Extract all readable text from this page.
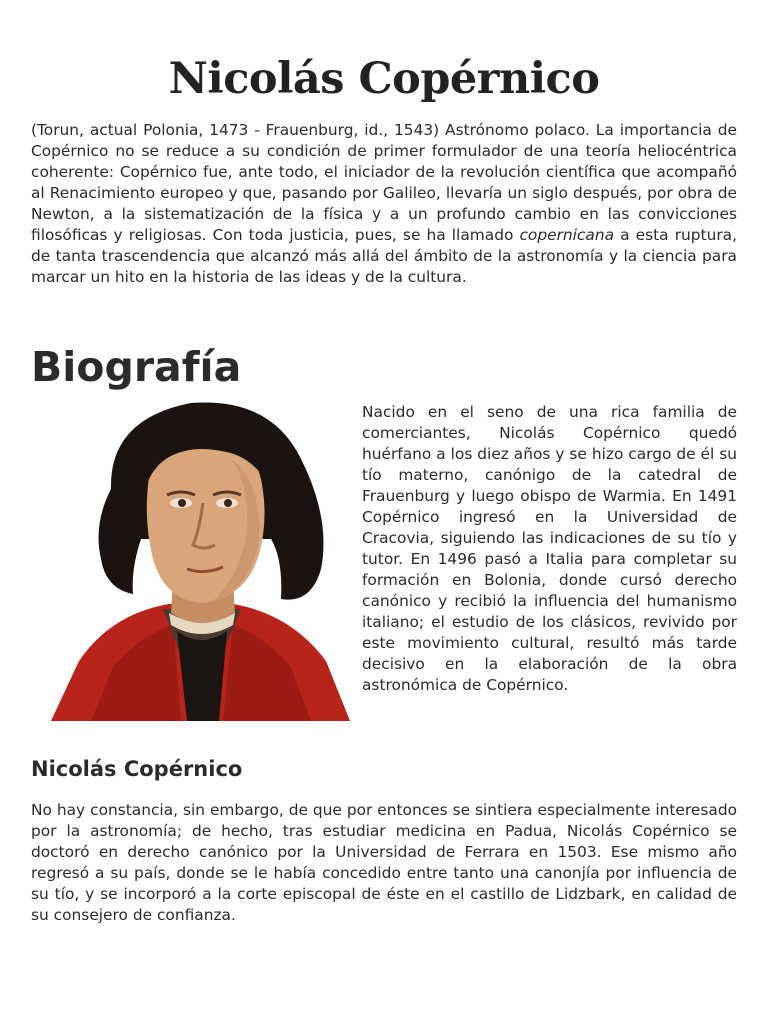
Nicolás Copérnico

(Torun, actual Polonia, 1473 - Frauenburg, id., 1543) Astrónomo polaco. La importancia de Copérnico no se reduce a su condición de primer formulador de una teoría heliocéntrica coherente: Copérnico fue, ante todo, el iniciador de la revolución científica que acompañó al Renacimiento europeo y que, pasando por Galileo, llevaría un siglo después, por obra de Newton, a la sistematización de la física y a un profundo cambio en las convicciones filosóficas y religiosas. Con toda justicia, pues, se ha llamado copernicana a esta ruptura, de tanta trascendencia que alcanzó más allá del ámbito de la astronomía y la ciencia para marcar un hito en la historia de las ideas y de la cultura.

Biografía

Nacido en el seno de una rica familia de comerciantes, Nicolás Copérnico quedó huérfano a los diez años y se hizo cargo de él su tío materno, canónigo de la catedral de Frauenburg y luego obispo de Warmia. En 1491 Copérnico ingresó en la Universidad de Cracovia, siguiendo las indicaciones de su tío y tutor. En 1496 pasó a Italia para completar su formación en Bolonia, donde cursó derecho canónico y recibió la influencia del humanismo italiano; el estudio de los clásicos, revivido por este movimiento cultural, resultó más tarde decisivo en la elaboración de la obra astronómica de Copérnico.

Nicolás Copérnico

No hay constancia, sin embargo, de que por entonces se sintiera especialmente interesado por la astronomía; de hecho, tras estudiar medicina en Padua, Nicolás Copérnico se doctoró en derecho canónico por la Universidad de Ferrara en 1503. Ese mismo año regresó a su país, donde se le había concedido entre tanto una canonjía por influencia de su tío, y se incorporó a la corte episcopal de éste en el castillo de Lidzbark, en calidad de su consejero de confianza.
